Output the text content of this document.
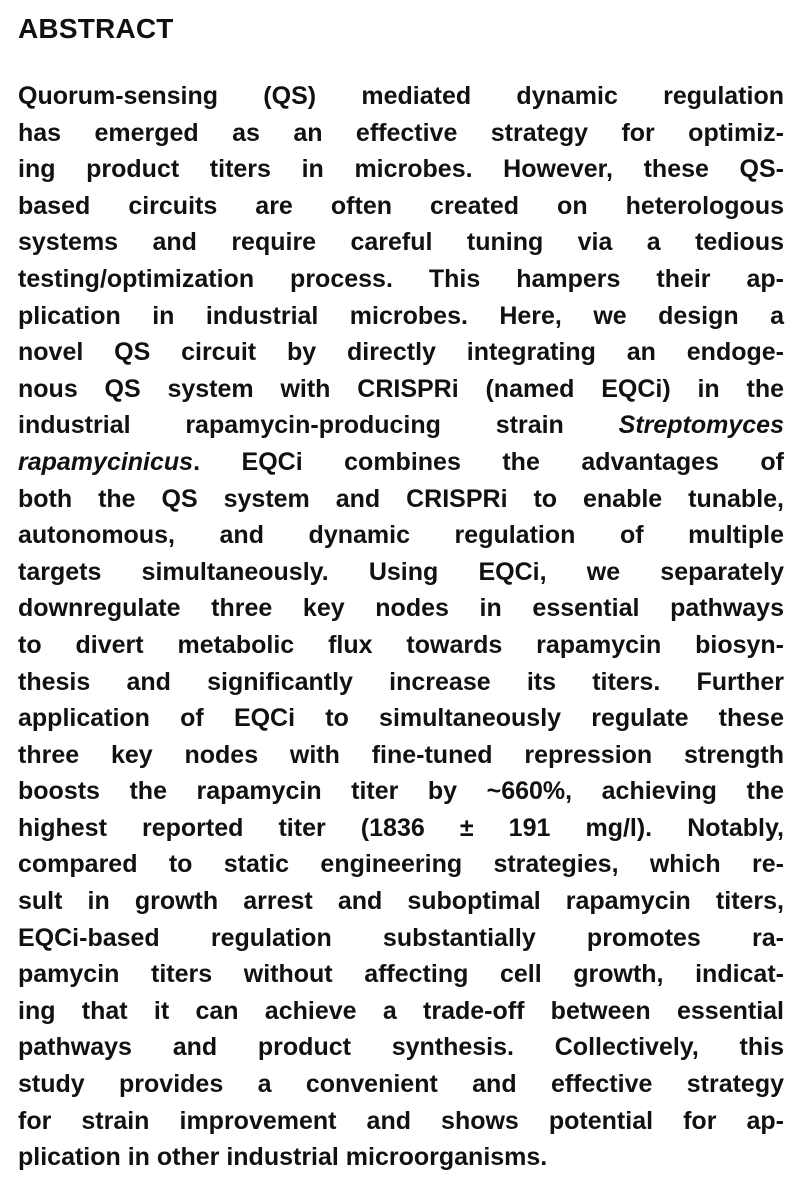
ABSTRACT
Quorum-sensing (QS) mediated dynamic regulation
has emerged as an effective strategy for optimiz-
ing product titers in microbes. However, these QS-
based circuits are often created on heterologous
systems and require careful tuning via a tedious
testing/optimization process. This hampers their ap-
plication in industrial microbes. Here, we design a
novel QS circuit by directly integrating an endoge-
nous QS system with CRISPRi (named EQCi) in the
industrial rapamycin-producing strain Streptomyces
rapamycinicus. EQCi combines the advantages of
both the QS system and CRISPRi to enable tunable,
autonomous, and dynamic regulation of multiple
targets simultaneously. Using EQCi, we separately
downregulate three key nodes in essential pathways
to divert metabolic flux towards rapamycin biosyn-
thesis and significantly increase its titers. Further
application of EQCi to simultaneously regulate these
three key nodes with fine-tuned repression strength
boosts the rapamycin titer by ~660%, achieving the
highest reported titer (1836 ± 191 mg/l). Notably,
compared to static engineering strategies, which re-
sult in growth arrest and suboptimal rapamycin titers,
EQCi-based regulation substantially promotes ra-
pamycin titers without affecting cell growth, indicat-
ing that it can achieve a trade-off between essential
pathways and product synthesis. Collectively, this
study provides a convenient and effective strategy
for strain improvement and shows potential for ap-
plication in other industrial microorganisms.
